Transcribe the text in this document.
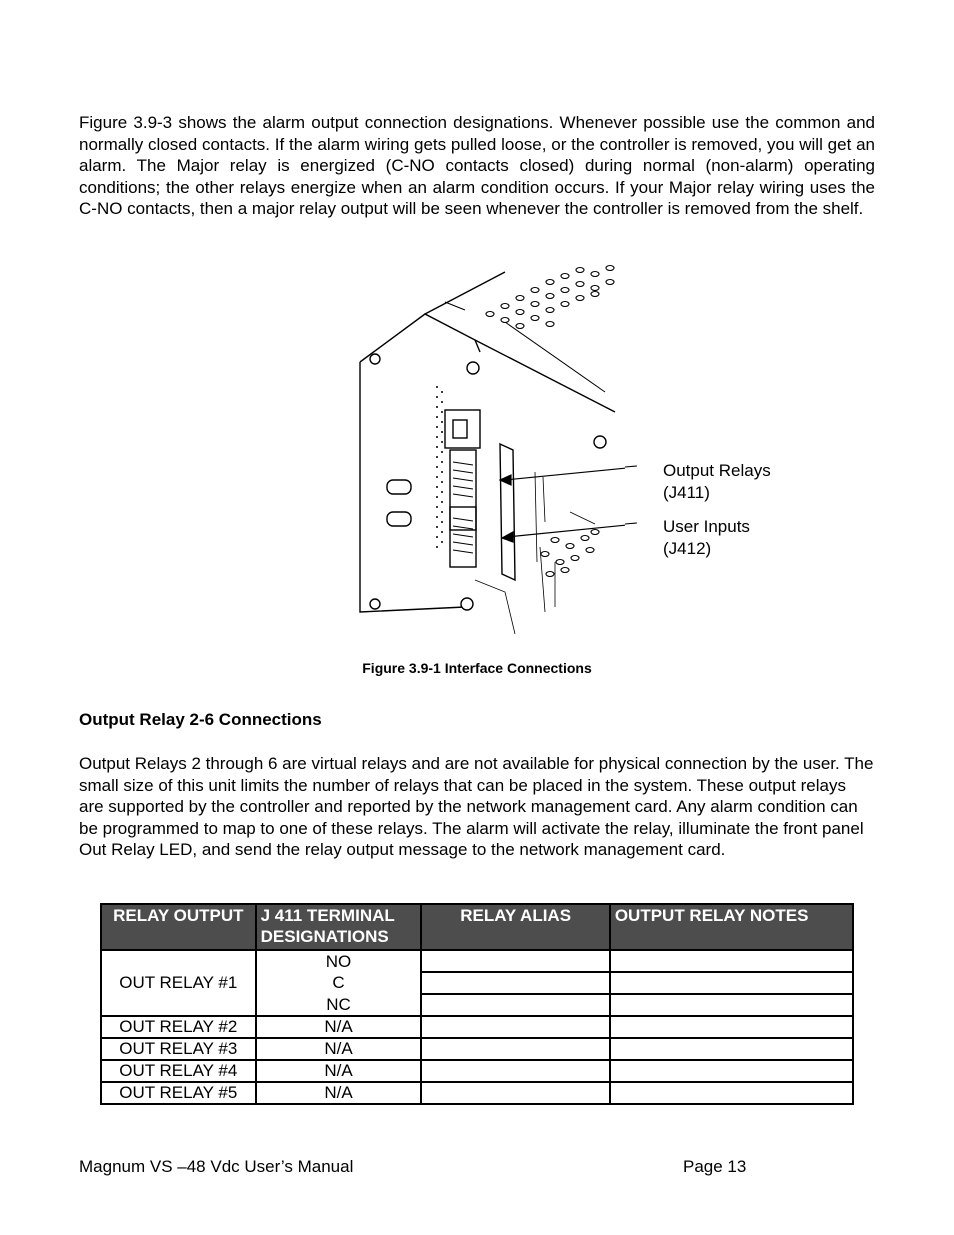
Figure 3.9-3 shows the alarm output connection designations. Whenever possible use the common and normally closed contacts. If the alarm wiring gets pulled loose, or the controller is removed, you will get an alarm. The Major relay is energized (C-NO contacts closed) during normal (non-alarm) operating conditions; the other relays energize when an alarm condition occurs. If your Major relay wiring uses the C-NO contacts, then a major relay output will be seen whenever the controller is removed from the shelf.

Output Relays
(J411)
User Inputs
(J412)
Figure 3.9-1 Interface Connections
Output Relay 2-6 Connections

Output Relays 2 through 6 are virtual relays and are not available for physical connection by the user. The small size of this unit limits the number of relays that can be placed in the system. These output relays are supported by the controller and reported by the network management card. Any alarm condition can be programmed to map to one of these relays. The alarm will activate the relay, illuminate the front panel Out Relay LED, and send the relay output message to the network management card.

RELAY OUTPUT	J 411 TERMINAL DESIGNATIONS	RELAY ALIAS	OUTPUT RELAY NOTES
OUT RELAY #1	NO		
	C		
	NC		
OUT RELAY #2	N/A		
OUT RELAY #3	N/A		
OUT RELAY #4	N/A		
OUT RELAY #5	N/A		
Magnum VS –48 Vdc User’s Manual	Page 13
